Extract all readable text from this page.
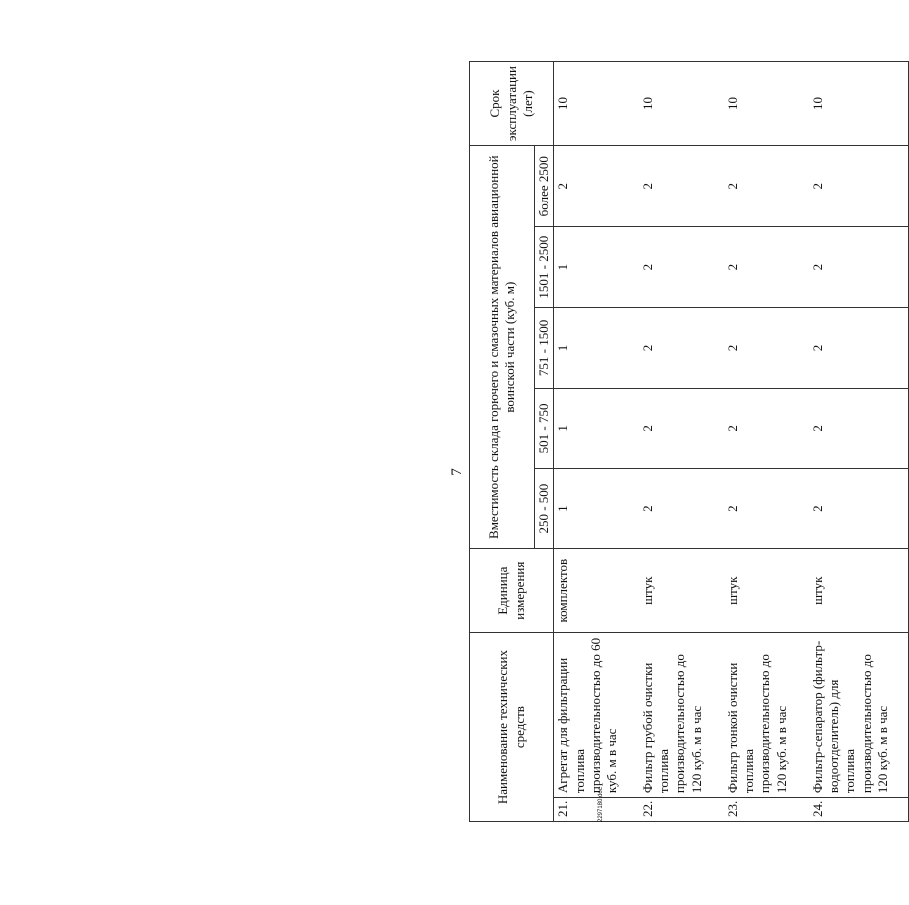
7
Наименование технических средств		Единица измерения	Вместимость склада горючего и смазочных материалов авиационной воинской части (куб. м)					Срок эксплуатации (лет)
			250 - 500	501 - 750	751 - 1500	1501 - 2500	более 2500	
21.	Агрегат для фильтрации топлива производительностью до 60 куб. м в час	комплектов	1	1	1	1	2	10
22.	Фильтр грубой очистки топлива производительностью до 120 куб. м в час	штук	2	2	2	2	2	10
23.	Фильтр тонкой очистки топлива производительностью до 120 куб. м в час	штук	2	2	2	2	2	10
24.	Фильтр-сепаратор (фильтр-водоотделитель) для топлива производительностью до 120 куб. м в час	штук	2	2	2	2	2	10
2297180.doc
